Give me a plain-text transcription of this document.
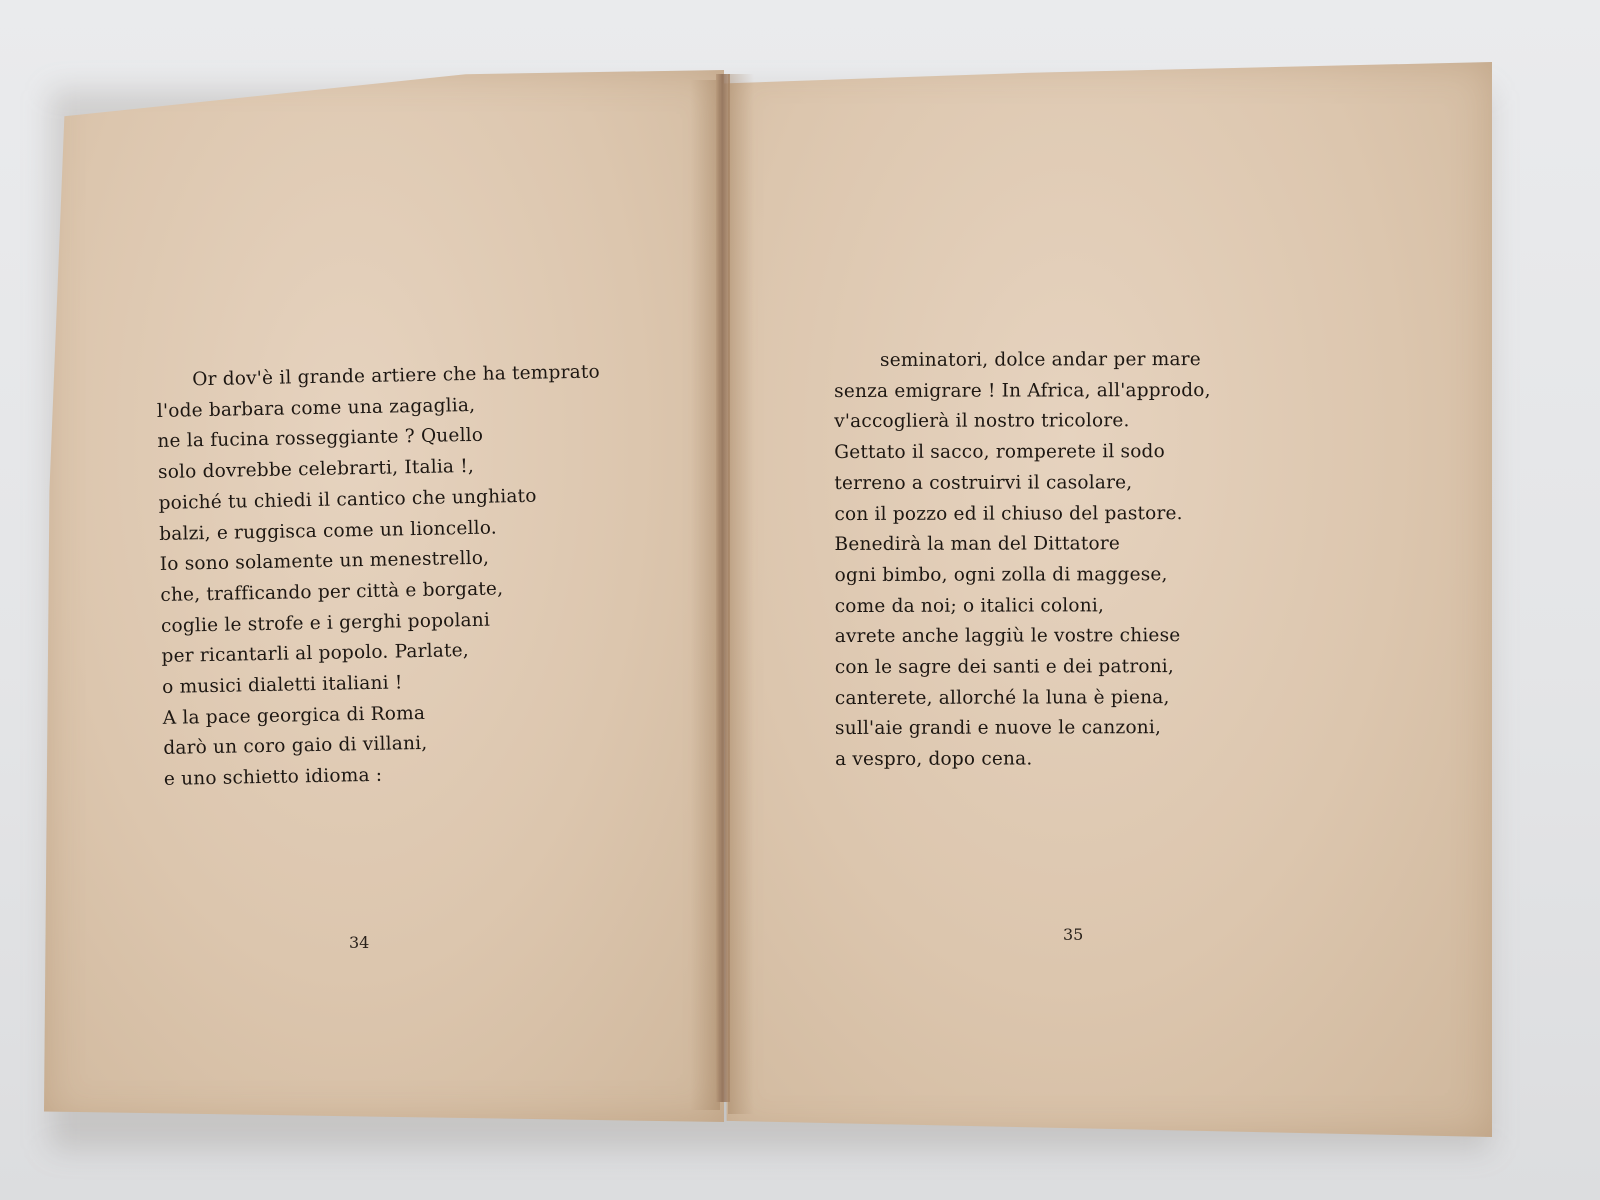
Or dov'è il grande artiere che ha temprato
l'ode barbara come una zagaglia,
ne la fucina rosseggiante ? Quello
solo dovrebbe celebrarti, Italia !,
poiché tu chiedi il cantico che unghiato
balzi, e ruggisca come un lioncello.
Io sono solamente un menestrello,
che, trafficando per città e borgate,
coglie le strofe e i gerghi popolani
per ricantarli al popolo. Parlate,
o musici dialetti italiani !
A la pace georgica di Roma
darò un coro gaio di villani,
e uno schietto idioma :
seminatori, dolce andar per mare
senza emigrare ! In Africa, all'approdo,
v'accoglierà il nostro tricolore.
Gettato il sacco, romperete il sodo
terreno a costruirvi il casolare,
con il pozzo ed il chiuso del pastore.
Benedirà la man del Dittatore
ogni bimbo, ogni zolla di maggese,
come da noi; o italici coloni,
avrete anche laggiù le vostre chiese
con le sagre dei santi e dei patroni,
canterete, allorché la luna è piena,
sull'aie grandi e nuove le canzoni,
a vespro, dopo cena.
34	35
